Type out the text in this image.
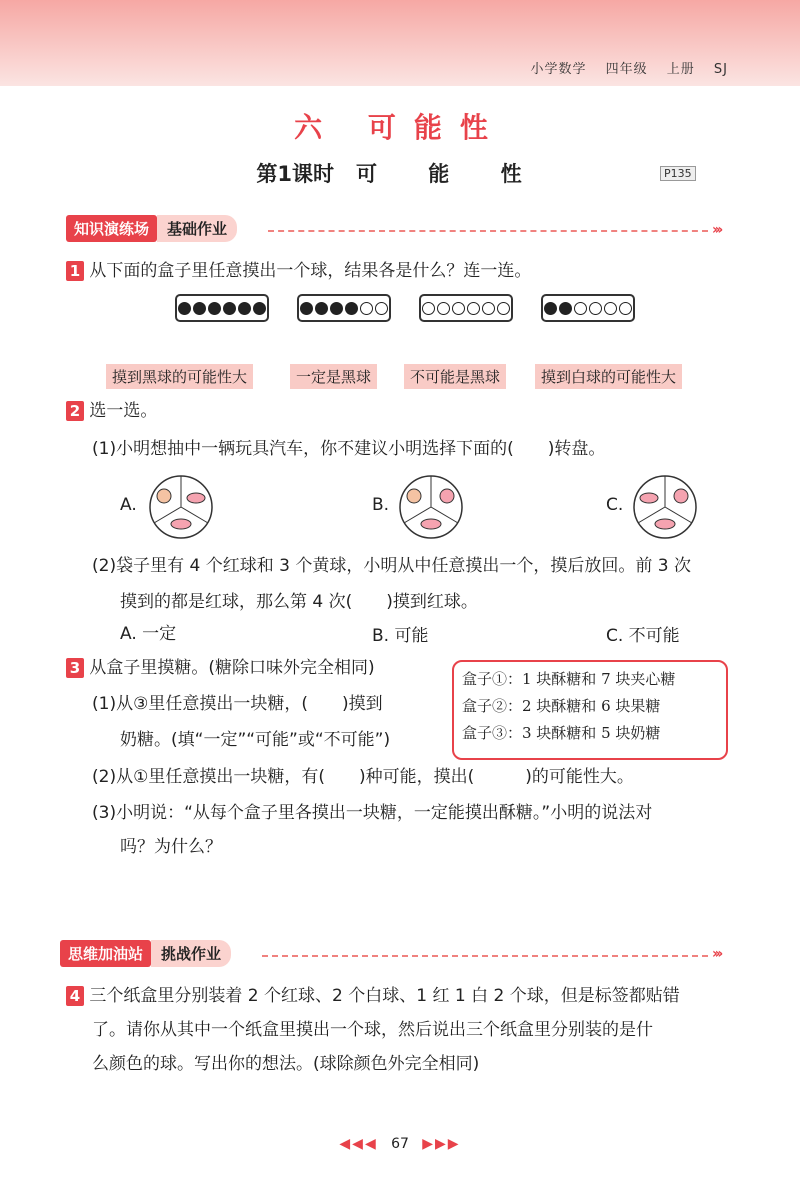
小学数学 四年级 上册 SJ
六 可能性
第1课时 可 能 性	P135
知识演练场	基础作业	›››
1 从下面的盒子里任意摸出一个球，结果各是什么？连一连。
摸到黑球的可能性大	一定是黑球	不可能是黑球	摸到白球的可能性大
2 选一选。
(1)小明想抽中一辆玩具汽车，你不建议小明选择下面的(　　)转盘。
A.	B.	C.
(2)袋子里有 4 个红球和 3 个黄球，小明从中任意摸出一个，摸后放回。前 3 次
摸到的都是红球，那么第 4 次(　　)摸到红球。
A. 一定	B. 可能	C. 不可能
3 从盒子里摸糖。(糖除口味外完全相同)
盒子①：1 块酥糖和 7 块夹心糖
盒子②：2 块酥糖和 6 块果糖
盒子③：3 块酥糖和 5 块奶糖
(1)从③里任意摸出一块糖，(　　)摸到
奶糖。(填“一定”“可能”或“不可能”)
(2)从①里任意摸出一块糖，有(　　)种可能，摸出(　　　)的可能性大。
(3)小明说：“从每个盒子里各摸出一块糖，一定能摸出酥糖。”小明的说法对
吗？为什么？
思维加油站	挑战作业	›››
4 三个纸盒里分别装着 2 个红球、2 个白球、1 红 1 白 2 个球，但是标签都贴错
了。请你从其中一个纸盒里摸出一个球，然后说出三个纸盒里分别装的是什
么颜色的球。写出你的想法。(球除颜色外完全相同)
◀◀◀ 67 ▶▶▶
